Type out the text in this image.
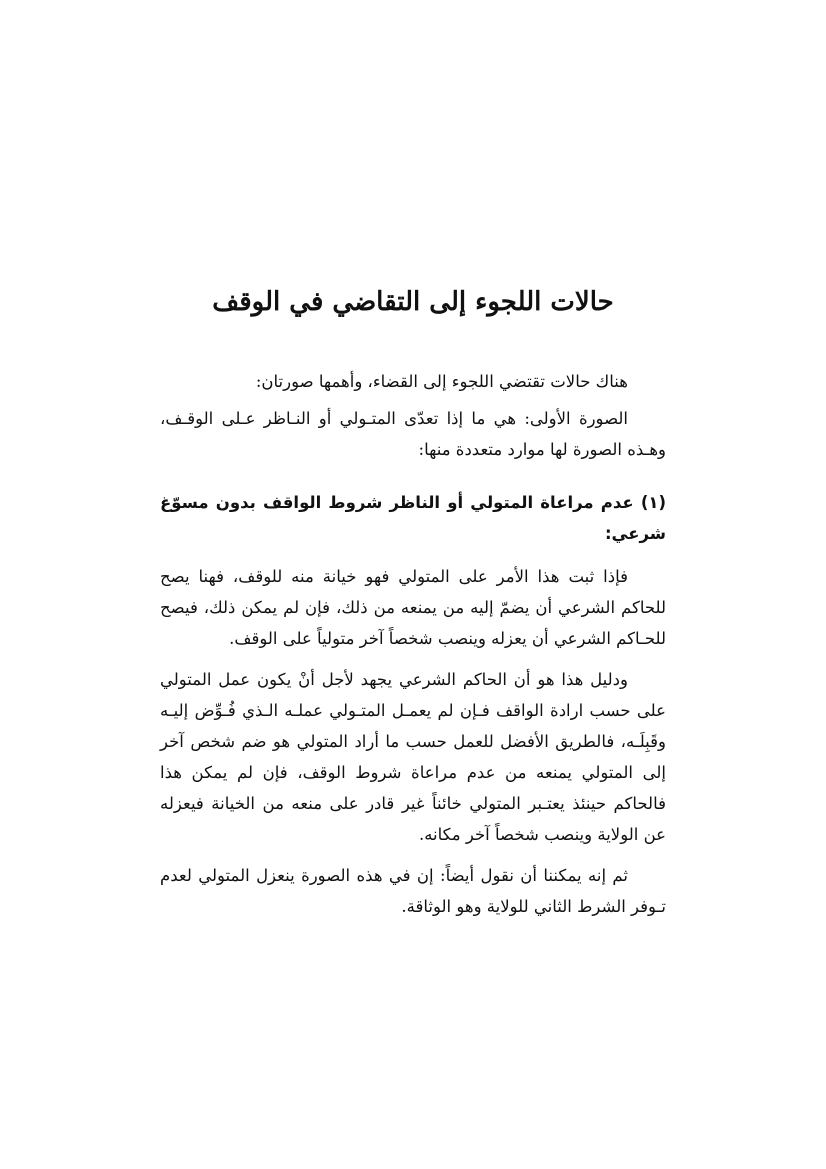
حالات اللجوء إلى التقاضي في الوقف

هناك حالات تقتضي اللجوء إلى القضاء، وأهمها صورتان:

الصورة الأولى: هي ما إذا تعدّى المتـولي أو النـاظر عـلى الوقـف، وهـذه الصورة لها موارد متعددة منها:

(١) عدم مراعاة المتولي أو الناظر شروط الواقف بدون مسوّغ شرعي:

فإذا ثبت هذا الأمر على المتولي فهو خيانة منه للوقف، فهنا يصح للحاكم الشرعي أن يضمّ إليه من يمنعه من ذلك، فإن لم يمكن ذلك، فيصح للحـاكم الشرعي أن يعزله وينصب شخصاً آخر متولياً على الوقف.

ودليل هذا هو أن الحاكم الشرعي يجهد لأجل أنْ يكون عمل المتولي على حسب ارادة الواقف فـإن لم يعمـل المتـولي عملـه الـذي فُـوِّض إليـه وقَبِلَـه، فالطريق الأفضل للعمل حسب ما أراد المتولي هو ضم شخص آخر إلى المتولي يمنعه من عدم مراعاة شروط الوقف، فإن لم يمكن هذا فالحاكم حينئذ يعتـبر المتولي خائناً غير قادر على منعه من الخيانة فيعزله عن الولاية وينصب شخصاً آخر مكانه.

ثم إنه يمكننا أن نقول أيضاً: إن في هذه الصورة ينعزل المتولي لعدم تـوفر الشرط الثاني للولاية وهو الوثاقة.
